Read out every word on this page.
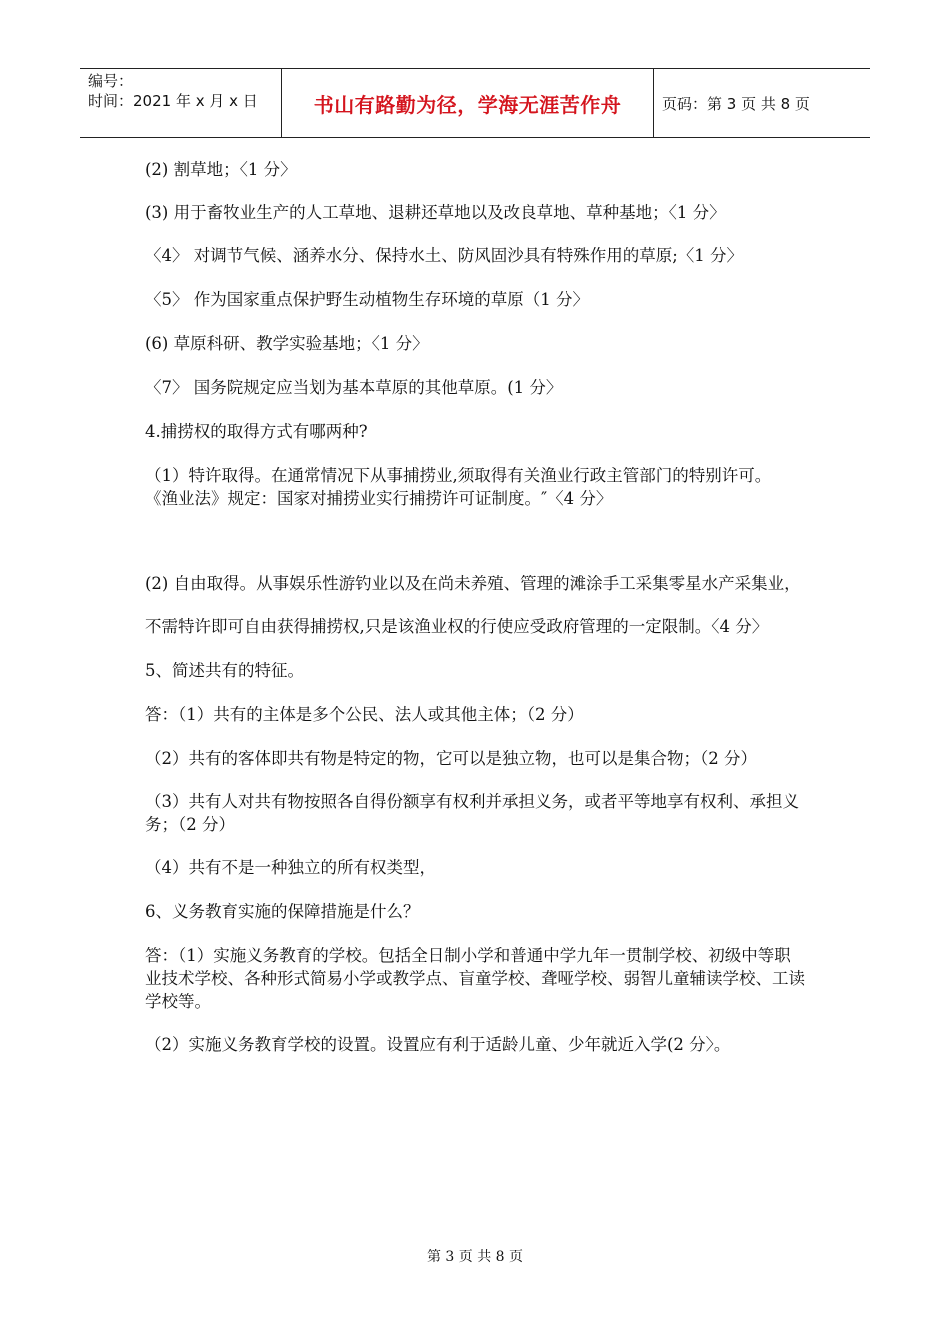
编号：
时间：2021 年 x 月 x 日	书山有路勤为径，学海无涯苦作舟	页码：第 3 页 共 8 页

(2) 割草地；〈1 分〉

(3) 用于畜牧业生产的人工草地、退耕还草地以及改良草地、草种基地；〈1 分〉

〈4〉 对调节气候、涵养水分、保持水土、防风固沙具有特殊作用的草原;〈1 分〉

〈5〉 作为国家重点保护野生动植物生存环境的草原（1 分〉

(6) 草原科研、教学实验基地；〈1 分〉

〈7〉 国务院规定应当划为基本草原的其他草原。(1 分〉

4.捕捞权的取得方式有哪两种?

（1）特许取得。在通常情况下从事捕捞业,须取得有关渔业行政主管部门的特别许可。 《渔业法》规定：国家对捕捞业实行捕捞许可证制度。″〈4 分〉

(2) 自由取得。从事娱乐性游钓业以及在尚未养殖、管理的滩涂手工采集零星水产采集业，

不需特许即可自由获得捕捞权,只是该渔业权的行使应受政府管理的一定限制。〈4 分〉

5、简述共有的特征。

答：（1）共有的主体是多个公民、法人或其他主体；（2 分）

（2）共有的客体即共有物是特定的物，它可以是独立物，也可以是集合物；（2 分）

（3）共有人对共有物按照各自得份额享有权利并承担义务，或者平等地享有权利、承担义务；（2 分）

（4）共有不是一种独立的所有权类型，

6、义务教育实施的保障措施是什么？

答：（1）实施义务教育的学校。包括全日制小学和普通中学九年一贯制学校、初级中等职业技术学校、各种形式简易小学或教学点、盲童学校、聋哑学校、弱智儿童辅读学校、工读学校等。

（2）实施义务教育学校的设置。设置应有利于适龄儿童、少年就近入学(2 分〉。

第 3 页 共 8 页
